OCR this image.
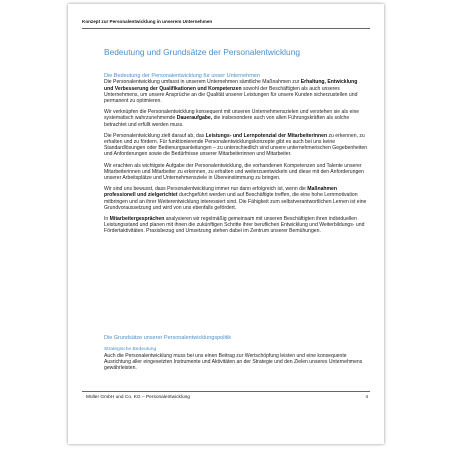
Konzept zur Personalentwicklung in unserem Unternehmen
Bedeutung und Grundsätze der Personalentwicklung
Die Bedeutung der Personalentwicklung für unser Unternehmen

Die Personalentwicklung umfasst in unserem Unternehmen sämtliche Maßnahmen zur Erhaltung, Entwicklung und Verbesserung der Qualifikationen und Kompetenzen sowohl der Beschäftigten als auch unseres Unternehmens, um unsere Ansprüche an die Qualität unserer Leistungen für unsere Kunden sicherzustellen und permanent zu optimieren.

Wir verknüpfen die Personalentwicklung konsequent mit unseren Unternehmenszielen und verstehen sie als eine systematisch wahrzunehmende Daueraufgabe, die insbesondere auch von allen Führungskräften als solche betrachtet und erfüllt werden muss.

Die Personalentwicklung zielt darauf ab, das Leistungs- und Lernpotenzial der Mitarbeiterinnen zu erkennen, zu erhalten und zu fördern. Für funktionierende Personalentwicklungskonzepte gibt es auch bei uns keine Standardlösungen oder Bedienungsanleitungen – zu unterschiedlich sind unsere unternehmerischen Gegebenheiten und Anforderungen sowie die Bedürfnisse unserer Mitarbeiterinnen und Mitarbeiter.

Wir erachten als wichtigste Aufgabe der Personalentwicklung, die vorhandenen Kompetenzen und Talente unserer Mitarbeiterinnen und Mitarbeiter zu erkennen, zu erhalten und weiterzuentwickeln und diese mit den Anforderungen unserer Arbeitsplätze und Unternehmensziele in Übereinstimmung zu bringen.

Wir sind uns bewusst, dass Personalentwicklung immer nur dann erfolgreich ist, wenn die Maßnahmen professionell und zielgerichtet durchgeführt werden und auf Beschäftigte treffen, die eine hohe Lernmotivation mitbringen und an ihrer Weiterentwicklung interessiert sind. Die Fähigkeit zum selbstverantwortlichen Lernen ist eine Grundvoraussetzung und wird von uns ebenfalls gefördert.

In Mitarbeitergesprächen analysieren wir regelmäßig gemeinsam mit unseren Beschäftigten ihren individuellen Leistungsstand und planen mit ihnen die zukünftigen Schritte ihrer beruflichen Entwicklung und Weiterbildungs- und Fördertaktivitäten. Praxisbezug und Umsetzung stehen dabei im Zentrum unserer Bemühungen.

Die Grundsätze unserer Personalentwicklungspolitik
Strategische Bedeutung

Auch die Personalentwicklung muss bei uns einen Beitrag zur Wertschöpfung leisten und eine konsequente Ausrichtung aller eingesetzten Instrumente und Aktivitäten an der Strategie und den Zielen unseres Unternehmens gewährleisten.

Müller GmbH und Co. KG – Personalentwicklung	4
